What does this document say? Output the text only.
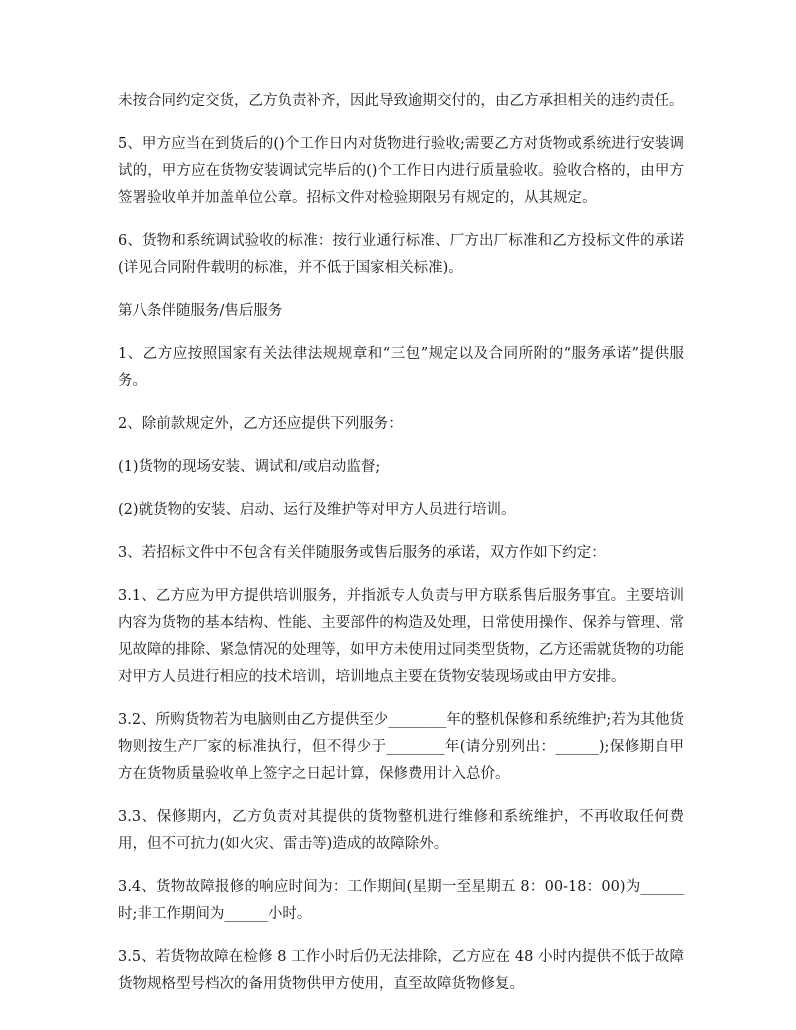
未按合同约定交货，乙方负责补齐，因此导致逾期交付的，由乙方承担相关的违约责任。

5、甲方应当在到货后的()个工作日内对货物进行验收;需要乙方对货物或系统进行安装调试的，甲方应在货物安装调试完毕后的()个工作日内进行质量验收。验收合格的，由甲方签署验收单并加盖单位公章。招标文件对检验期限另有规定的，从其规定。

6、货物和系统调试验收的标准：按行业通行标准、厂方出厂标准和乙方投标文件的承诺(详见合同附件载明的标准，并不低于国家相关标准)。

第八条伴随服务/售后服务

1、乙方应按照国家有关法律法规规章和“三包”规定以及合同所附的“服务承诺”提供服务。

2、除前款规定外，乙方还应提供下列服务：

(1)货物的现场安装、调试和/或启动监督;

(2)就货物的安装、启动、运行及维护等对甲方人员进行培训。

3、若招标文件中不包含有关伴随服务或售后服务的承诺，双方作如下约定：

3.1、乙方应为甲方提供培训服务，并指派专人负责与甲方联系售后服务事宜。主要培训内容为货物的基本结构、性能、主要部件的构造及处理，日常使用操作、保养与管理、常见故障的排除、紧急情况的处理等，如甲方未使用过同类型货物，乙方还需就货物的功能对甲方人员进行相应的技术培训，培训地点主要在货物安装现场或由甲方安排。

3.2、所购货物若为电脑则由乙方提供至少________年的整机保修和系统维护;若为其他货物则按生产厂家的标准执行，但不得少于________年(请分别列出：______);保修期自甲方在货物质量验收单上签字之日起计算，保修费用计入总价。

3.3、保修期内，乙方负责对其提供的货物整机进行维修和系统维护，不再收取任何费用，但不可抗力(如火灾、雷击等)造成的故障除外。

3.4、货物故障报修的响应时间为：工作期间(星期一至星期五 8：00-18：00)为______时;非工作期间为______小时。

3.5、若货物故障在检修 8 工作小时后仍无法排除，乙方应在 48 小时内提供不低于故障货物规格型号档次的备用货物供甲方使用，直至故障货物修复。
